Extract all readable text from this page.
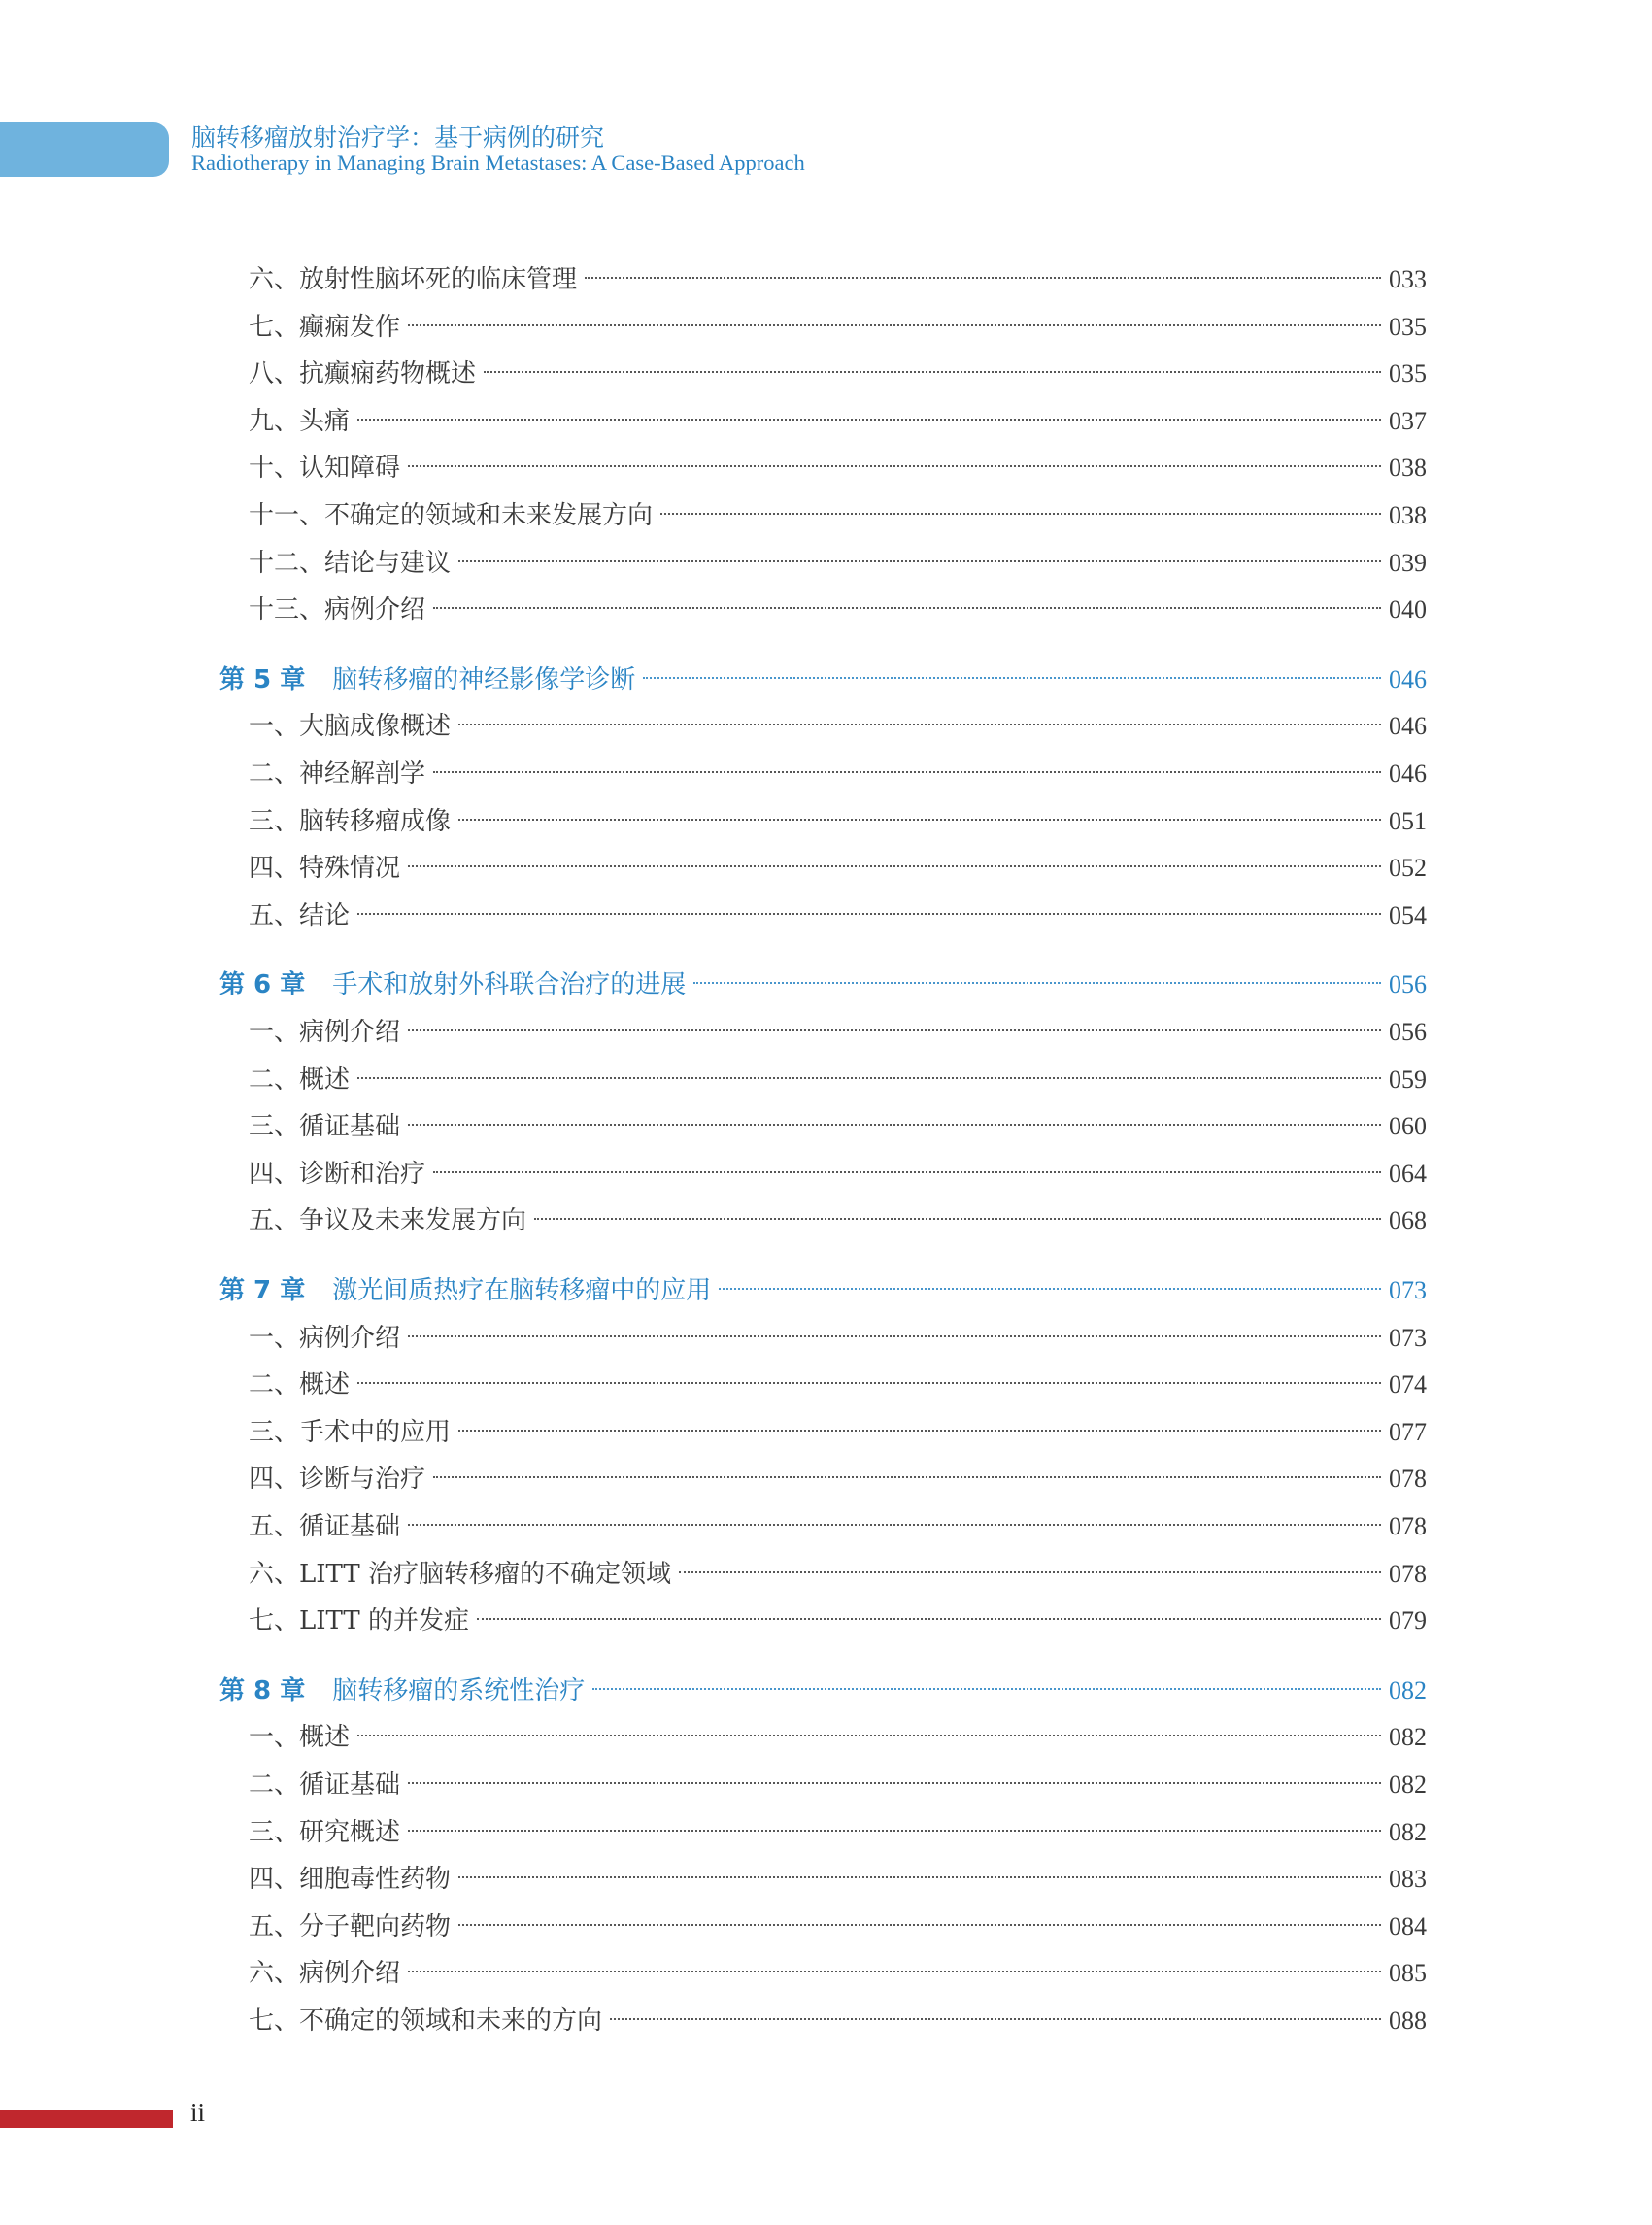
脑转移瘤放射治疗学：基于病例的研究
Radiotherapy in Managing Brain Metastases: A Case-Based Approach
六、放射性脑坏死的临床管理	033
七、癫痫发作	035
八、抗癫痫药物概述	035
九、头痛	037
十、认知障碍	038
十一、不确定的领域和未来发展方向	038
十二、结论与建议	039
十三、病例介绍	040
第 5 章 脑转移瘤的神经影像学诊断	046
一、大脑成像概述	046
二、神经解剖学	046
三、脑转移瘤成像	051
四、特殊情况	052
五、结论	054
第 6 章 手术和放射外科联合治疗的进展	056
一、病例介绍	056
二、概述	059
三、循证基础	060
四、诊断和治疗	064
五、争议及未来发展方向	068
第 7 章 激光间质热疗在脑转移瘤中的应用	073
一、病例介绍	073
二、概述	074
三、手术中的应用	077
四、诊断与治疗	078
五、循证基础	078
六、LITT 治疗脑转移瘤的不确定领域	078
七、LITT 的并发症	079
第 8 章 脑转移瘤的系统性治疗	082
一、概述	082
二、循证基础	082
三、研究概述	082
四、细胞毒性药物	083
五、分子靶向药物	084
六、病例介绍	085
七、不确定的领域和未来的方向	088
ii
